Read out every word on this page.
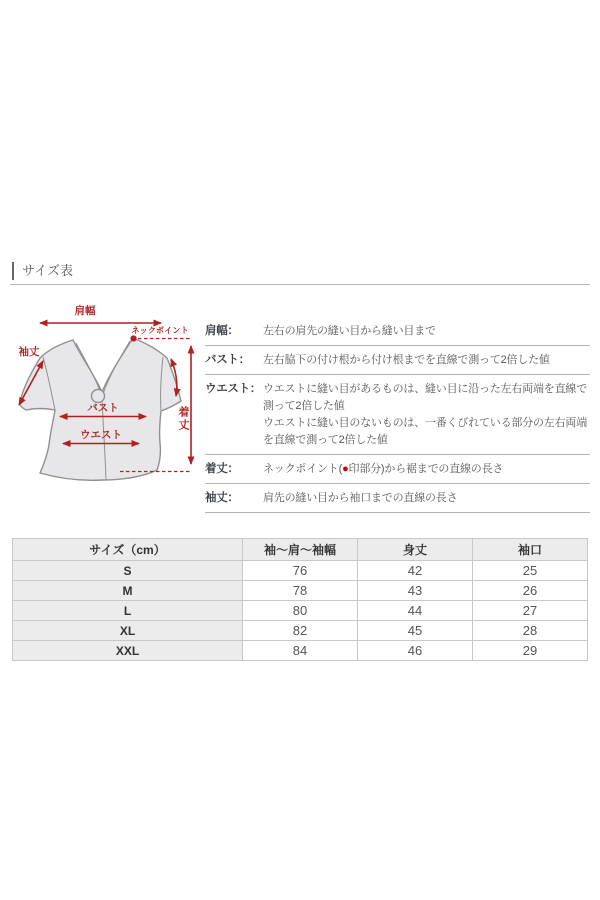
サイズ表
肩幅
ネックポイント
袖丈
バスト
ウエスト
着丈
肩幅：	左右の肩先の縫い目から縫い目まで
バスト：	左右脇下の付け根から付け根までを直線で測って2倍した値
ウエスト： ウエストに縫い目があるものは、縫い目に沿った左右両端を直線で
測って2倍した値
ウエストに縫い目のないものは、一番くびれている部分の左右両端
を直線で測って2倍した値
着丈：	ネックポイント(●印部分)から裾までの直線の長さ
袖丈：	肩先の縫い目から袖口までの直線の長さ
サイズ（cm）	袖～肩～袖幅	身丈	袖口
S	76	42	25
M	78	43	26
L	80	44	27
XL	82	45	28
XXL	84	46	29
